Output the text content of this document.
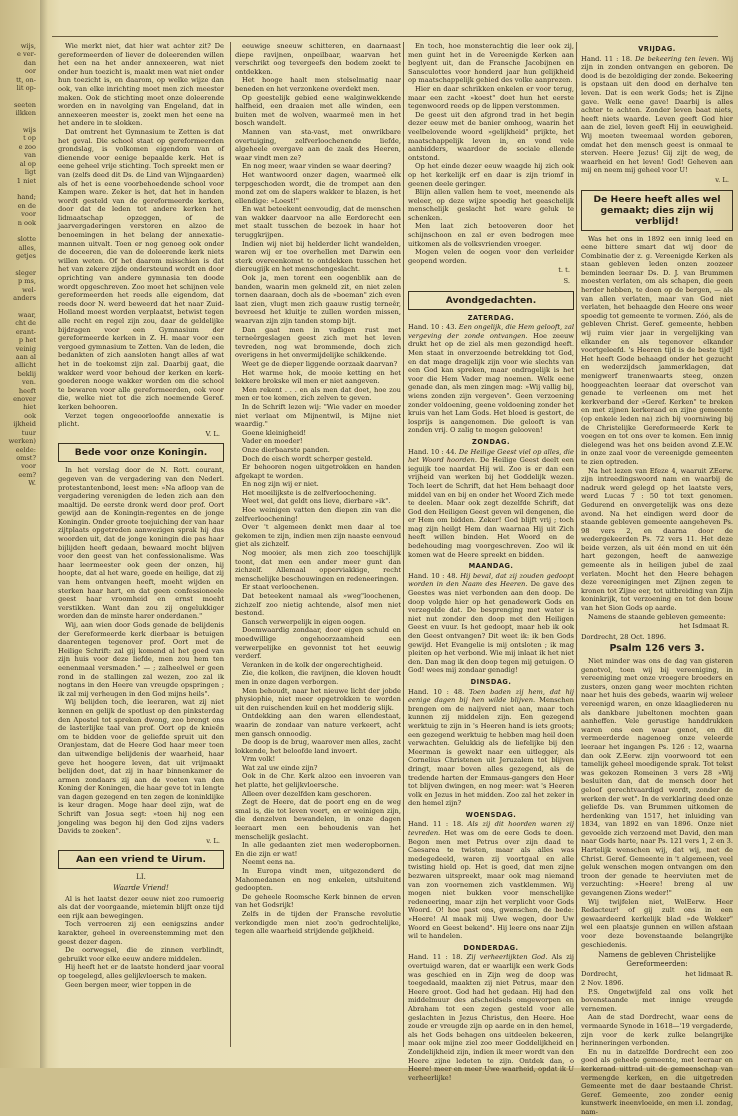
wijs,
e ver-
dan
oor
tt, on-
lit op-

seeten
ilkken

wijs
t op
e zoo
van
al op
ligt
1 niet

hand;
en de
voor
n ook

slotte
alles,
getjes

sleger
p ms,
wel-
anders

waar,
cht de
erant-
p het
veinig
aan al
allicht
beklij
ven.
heeft
enover
hiet
ook
ijkheid
tuur
werken)
eelde:
omst?
voor
eem?
W.

Wie merkt niet, dat hier wat achter zit? De gereformeerden of liever de doleerenden willen het een na het ander annexeeren, wat niet onder hun toezicht is, maakt men wat niet onder hun toezicht is, en daarom, op welke wijze dan ook, van elke inrichting moet men zich meester maken. Ook de stichting moet onze doleerende worden en in navolging van Engeland, dat in annexeeren meester is, zoekt men het eene na het andere in te slokken.

Dat omtrent het Gymnasium te Zetten is dat het geval. Die school staat op gereformeerden grondslag, is volkomen eigendom van of dienende voor eenige bepaalde kerk. Het is eene geheel vrije stichting. Toch spreekt men er van (zelfs deed dit Ds. de Lind van Wijngaarden) als of het is eene voorbehoedende school voor Kampen ware. Zeker is het, dat het in handen wordt gesteld van de gereformeerde kerken, door dat de leden tot andere kerken het lidmaatschap opzeggen, of de jaarvergaderingen verstoren en alzoo de benoemingen in het belang der annexatie-mannen uitvalt. Toen er nog genoeg ook onder de doceeren, die van de doleerende kerk niets willen weten. Of het daarom misschien is dat het van zekere zijde ondersteund wordt en door oprichting van andere gymnasia ten doode wordt opgeschreven. Zoo moet het schijnen vele gereformeerden het reeds alle eigendom, dat reeds door N. werd beweerd dat het naar Zuid-Holland moest worden verplaatst, betwist tegen alle recht en regel zijn zou, daar de geldelijke bijdragen voor een Gymnasium der gereformeerde kerken in Z. H. maar voor een vergoed gymnasium te Zetten. Van de leden, die bedankten of zich aansloten hangt alles af wat het in de toekomst zijn zal. Daarbij gaat, die wakker werd voor behoud der kerken en kerk-goederen nooge wakker worden om die school te bewaren voor alle gereformeerden, ook voor die, welke niet tot die zich noemende Geref. kerken behooren.

Verzet tegen ongeoorloofde annexatie is plicht.

V. L.
Bede voor onze Koningin.

In het verslag door de N. Rott. courant, gegeven van de vergadering van den Nederl. protestantenbond, leest men: »Na afloop van de vergadering verenigden de leden zich aan den maaltijd. De eerste dronk werd door prof. Oort gewijd aan de Koningin-regentes en de jonge Koningin. Onder groote toejuiching der van haar zijtplaats opgetreden aanwezigen sprak hij dus woorden uit, dat de jonge koningin die pas haar bijlijden heeft gedaan, bewaard mocht blijven voor den geest van het confessionalisme. Was haar leermeester ook geen der onzen, hij hoopte, dat al het ware, goede en heilige, dat zij van hem ontvangen heeft, moeht wijden en sterken haar hart, en dat geen confessioneele geest haar vroomheid en ernst moeht verstikken. Want dan zou zij ongelukkiger worden dan de minste harer onderdanen."

Wij, aan wien door Gods genade de belijdenis der Gereformeerde kerk dierbaar is betuigen daarentegen tegenover prof. Oort met de Heilige Schrift: zal gij komend al het goed van zijn huis voor deze liefde, men zou hem ten eenenmaal versmaden." — ; zalheelwel er geen rond in de stallingen zal wezen, zoo zal ik nogtans in den Heere van vreugde opspringen ; ik zal mij verheugen in den God mijns heils".

Wij belijden toch, die leeraren, wat zij niet kennen en gelijk de spotlust op den pinksterdag den Apostel tot spreken dwong, zoo brengt ons de lasterlijke taal van prof. Oort op de knieën om te bidden voor de geliefde spruit uit den Oranjestam, dat de Heere God haar meer toen dan uitwendige belijdenis der waarheid, haar geve het hoogere leven, dat uit vrijmaakt belijden doet, dat zij in haar binnenkamer de armen zondaars zij aan de voeten van den Koning der Koningen, die haar geve tot in lengte van dagen gezegend en ten zegen de koninklijke is keur dragen. Moge haar deel zijn, wat de Schrift van Josua segt: »toen hij nog een jongeling was begon hij den God zijns vaders Davids te zoeken".

v. L.
Aan een vriend te Uirum.
LI.
Waarde Vriend!

Al is het laatst dezer eeuw niet zoo rumoerig als dat der voorgaande, mietemin blijft onze tijd een rijk aan bewegingen.

Toch verroeren zij een eenigszins ander karakter, geheel in overeenstemming met den geest dezer dagen.

De oorwegsel, die de zinnen verblindt, gebruikt voor elke eeuw andere middelen.

Hij heeft het er de laatste honderd jaar vooral op toegelegd, alles gelijkvloersch te maken.

Geen bergen meer, wier toppen in de

eeuwige sneeuw schitteren, en daarnaast diepe ravijnen, onpeilbaar, waarvan het verschrikt oog tevergeefs den bodem zoekt te ontdekken.

Het hooge haalt men stelselmatig naar beneden en het verzonkene overdekt men.

Op geestelijk gebied eene walginwekkende halfheid, een draaien met alle winden, een buiten met de wolven, waarmeê men in het bosch wandelt.

Mannen van sta-vast, met onwrikbare overtuiging, zelfverloochenende liefde, algeheele overgave aan de zaak des Heeren, waar vindt men ze?

En nog meer, waar vinden se waar deering?

Het wantwoord onzer dagen, waarmeê elk terpgeschoden wordt, die de trompet aan den mond zet om de slapers wakker te blazen, is het ellendige: »Loest!"

En wat beteekent eenvoudig, dat de menschen van wakker daarvoor na alle Eerdorecht een met staalt tusschen de bezoek in haar hot teruggkrijpen.

Indien wij niet bij helderder licht wandelden, waren wij er toe overhellen met Darwin een sterk overeenkomst to ontdekken tusschen het diereugijk en het menschengeslacht.

Ook ja, men torent een oogenblik aan de banden, waarin men gekneld zit, en niet zelen tornen daaraan, doch als de »boeman" zich even laat zien, vlugt men zich gaauw rustig terneêr, bevreesd het kluitje te zullen worden missen, waarvan zijn zijn tanden stomp bijt.

Dan gaat men in vadigen rust met terneêrgeslagen geest zich met het leven tevreden, nog wat brommende, doch zich overigens in het onvermijdelijke schikkende.

Weet ge de dieper liggende oorzaak daarvan?

Het warme hok, de mooie ketting en het lekkere brokske wil men er niet aangeven.

Men rekent . . . en als men dat doet, hoe zou men er toe komen, zich zelven te geven.

In de Schrift lezen wij: "Wie vader en moeder niet verlaat om Mijnentwil, is Mijne niet waardig."

Goene kleinigheid!

Vader en moeder!

Onze dierbaarste panden.

Doch de eisch wordt scherper gesteld.

Er behooren nogen uitgetrokken en handen afgekapt te worden.

En nog zijn wij er niet.

Het moeilijkste is de zelfverloochening.

Weet wel, dat geldt ons lieve, dierbare »ik".

Hoe weinigen vatten den diepen zin van die zelfverloochening!

Over 't algemeen denkt men daar al toe gekomen te zijn, indien men zijn naaste eenvoud giet als zichzelf.

Nog mooier, als men zich zoo toeschijlijk toont, dat men een ander meer gunt dan zichzelf. Allemaal opperviakkige, recht menschelijke beschouwingen en redeneeringen.

Er staat verloochenen.

Dat beteekent namaal als »weg"loochenen, zichzelf zoo nietig achtende, alsof men niet bestond.

Gansch verwerpelijk in eigen oogen.

Doemwaardig zondaar, door eigen schuld en moedwillige ongehoorzaamheid een verwerpelijke en gevonnist tot het eeuwig verderf.

Veranken in de kolk der ongerechtigheid.

Zie, die kolken, die ravijnen, die kloven houdt men in onze dagen verborgen.

Men behoudt, naar het nieuwe licht der jobde physiophie, niet meer opgetrokken te worden uit den ruischenden kuil en het modderig slijk.

Ontdekking aan den waren ellendestaat, waarin de zondaar van nature verkeert, acht men gansch onnoodig.

De doop is de brug, waarover men alles, zacht lokkende, het beloofde land invoert.

Vrm volk!

Wat zal uw einde zijn?

Ook in de Chr. Kerk alzoo een invoeren van het platte, het gelijkvloersche.

Alleen over dezelfden kam geschoren.

Zegt de Heere, dat de poort eng en de weg smal is, die tot leven voert, en er weinigen zijn, die denzelven bewandelen, in onze dagen leeraart men een behoudenis van het menschelijk geslacht.

In alle gedaanten ziet men wederopbornen. En die zijn er wat!

Neemt eens na.

In Europa vindt men, uitgezonderd de Mahomedanen en nog enkelen, uitsluitend gedoopten.

De geheele Roomsche Kerk binnen de erven van het Godsrijk!

Zelfs in de tijden der Fransche revolutie verkondigde men niet zoo'n gedrochtelijke, tegen alle waarheid strijdende geljkheid.

En toch, hoe monsterachtig die leer ook zij, men guint het in de Vereenigde Kerken aan beglyent uit, dan de Fransche Jacobijnen en Sansculottes voor honderd jaar hun gelijkheid op maatschappelijk gebied des volke aanprezen.

Hier en daar schrikken enkelen er voor terug, maar een zacht »koest" doet hun het eerste tegenwoord reeds op de lippen verstommen.

De geest uit den afgrond trad in het begin dezer eeuw met de banier omhoog, waarin het veelbelovende woord »gelijkheid" prijkte, het maatschappelijk leven in, en vond vele aanbidders, waardoor de sociale ellende ontstond.

Op het einde dezer eeuw waagde hij zich ook op het kerkelijk erf en daar is zijn triomf in geenen deele geringer.

Blijn allen vallen hem te voet, meenende als weleer, op deze wijze spoedig het geaschelijk menschelijk geslacht het ware geluk te schenken.

Men laat zich betooveren door het schijnschoon en zal er even bedrogen mee uitkomen als de volksvrienden vroeger.

Mogen velen de oogen voor den verleider geopend worden.

t. t.
S.
Avondgedachten.
ZATERDAG.

Hand. 10 : 43. Een ongelijk, die Hem gelooft, zal vergeving der zonde ontvangen. Hoe zeeuw drukt het op de ziel als men gezondigd heeft. Men staat in onverzoende betrekking tot God, en dat mage dragelijk zijn voor wie slechts van een God kan spreken, maar ondragelijk is het voor die Hem Vader mag noemen. Welk eene genade dan, als men zingen mag: »Wij vallig bij, wiens zonden zijn vergeven". Geen verzoening zonder voldoening, geene voldoening zonder het kruis van het Lam Gods. Het bloed is gestort, de losprijs is aangenomen. Die gelooft is van zonden vrij. O zalig te mogen gelooven!

ZONDAG.

Hand. 10 : 44. De Heilige Geest viel op alles, die het Woord hoorden. De Heilige Geest deelt een ieguijk toe naardat Hij wil. Zoo is er dan een vrijheid van werken bij het Goddelijk wezen. Toch leert de Schrift, dat het Hem behaagt door middel van en bij en onder het Woord Zich mede te deelen. Maar ook zegt dezelfde Schrift, dat God den Heiligen Geest geven wil dengenen, die er Hem om bidden. Zeker! God blijft vrij ; toch mag zijn heilgt Hem dan waarnaa Hij uit Zich heeft willen binden. Het Woord en de bedehouding mag voorgeschreven. Zoo wil ik komen wat de Heere spreekt en bidden.

MAANDAG.

Hand. 10 : 48. Hij beval, dat zij zouden gedoopt worden in den Naam des Heeren. De gave des Geestes was niet verbonden aan den doop. De doop volgde hier op het genadewerk Gods en verzegelde dat. De besprenging met water is niet nut zonder den doop met den Heiligen Geest en vuur. Is het gedoopt, maar heb ik ook den Geest ontvangen? Dit weet ik: ik ben Gods gewijd. Het Evangelie is mij ontsloten ; ik mag pleiten op het verbond. Wie mij inlaat ik het niet den. Dan mag ik den doop tegen mij getuigen. O God! wees mij zondaar genadig!

DINSDAG.

Hand. 10 : 48. Toen baden zij hem, dat hij eenige dagen bij hen wilde blijven. Menschen brengen om de naijverd niet aan, maar toch kunnen zij middelen zijn. Een gezegend werktuig te zijn in 's Heeren hand is iets groots; een gezegend werktuig te hebben mag heil doen verwachten. Gelukkig als de liefelijke bij den Meerman is gewekt naar een uitlegger, als Cornelius Christenen uit Jeruzalem tot blijven dringt, maar boven alles gezegend, als de tredende harten der Emmaus-gangers den Heer tot blijven dwingen, en nog meer: wat 's Heeren volk en Jezus in het midden. Zoo zal het zeker in den hemel zijn?

WOENSDAG.

Hand. 11 : 18. Als zij dit hoorden waren zij tevreden. Het was om de eere Gods te doen. Begon men met Petrus over zijn daad te Caesarea te twisten, maar als alles was medegedeeld, waren zij voortgaal en alle twisting hield op. Het is goed, dat men zijne bezwaren uitspreekt, maar ook mag niemand van zon voornemen zich vastklemmen. Wij mogen niet bukken voor menschelijke redeneering, maar zijn het verplicht voor Gods Woord. O! hoe past ons, gwenschen, de bede: »Heere! Al maak mij Uwe wegen, door Uw Woord en Geest bekend". Hij leere ons naar Zijn wil te handelen.

DONDERDAG.

Hand. 11 : 18. Zij verheerlijkten God. Als zij overtuigd waren, dat er waarlijk een werk Gods was geschied en in Zijn weg de doop was toegedaald, maakten zij niet Petrus, maar den Heere groot. God had het gedaan. Hij had den middelmuur des afscheidsels omgeworpen en Abraham tot een zegen gesteld voor alle geslachten in Jezus Christus, den Heere. Hoe zoude er vreugde zijn op aarde en in den hemel, als het Gods behagen ons uitdeelen bekeeren, maar ook mijne ziel zoo meer Goddelijkheid en Zondelijkheid zijn, indien ik meer wordt van den Heere zijne ledeten te zijn. Ontdek dan, o Heere! meer en meer Uwe waarheid, opdat ik U verheerlijke!

VRIJDAG.

Hand. 11 : 18. De bekeering ten leven. Wij zijn in zonden ontvangen en geboren. De dood is de bezoldiging der zonde. Bekeering is opstaan uit den dood en derhalve ten leven. Dat is een werk Gods; het is Zijne gave. Welk eene gave! Daarbij is alles achter te achten. Zonder leven baat niets, heeft niets waarde. Leven geeft God hier aan de ziel, leven geeft Hij in eeuwigheid. Wij moeten tweemaal worden geboren, omdat het den mensch geest is onmaal te sterven. Heere Jezus! Gij zijt de weg, de waarheid en het leven! God! Geheven aan mij en neem mij geheel voor U!

v. L.
De Heere heeft alles wel gemaakt; dies zijn wij verblijd!

Was het ons in 1892 een innig leed en eene bittere smart dat wij door de Combinatie der z. g. Vereenigde Kerken als staan gebleven leden onzen zoozeer beminden leeraar Ds. D. J. van Brummen moesten verlaten, om als schapen, die geen herder hebben, te doen op de bergen, — als van allen verlaten, maar van God niet verlaten, het behaagde den Heere ons weer spoedig tot gemeente te vormen. Zóó, als de gebleven Christ. Geref. gemeente, hebben wij ruim vier jaar in vergelijking van elkander en als tegenover elkander voortgeleefd. 's Heeren tijd is de beste tijd! Het heeft Gode behaagd onder het gezucht en wederzijdsch jammerklagen, dat menigwerf tranenwaarts steeg, onzen hooggeachten leeraar dat overschot van genade te verleenen om met het kerkverband der »Geref. Kerken" te breken en met zijnen kerkeraad en zijne gemeente (op enkele leden na) zich bij voorniwing bij de Christelijke Gereformeerde Kerk te voegen en tot ons over te komen. Een innig dielegend was het ons beiden avond Z.E.W. in onze zaal voor de vereenigde gemeenten te zien optreden.

Na het lezen van Efeze 4, waaruit ZEerw. zijn intreedingswoord nam en waarbij de nadruk werd gelegd op het laatste vers, werd Lucas 7 : 50 tot text genomen. Gedurend en onvergetelijk was ons deze avond. Na het eindigen werd door de staande gebleven gemeente aangeheven Ps. 98 vers 2, en daarna door de wedergekeerden Ps. 72 vers 11. Het deze beide verzen, als uit één mond en uit één hart gezongen, heeft de aanwezige gemeente als in heiligen jubel de zaal verlaten. Mocht het den Heere behagen deze vereenigingen met Zijnen zegen te kronen tot Zijne eer, tot uitbreiding van Zijn koninkrijk, tot verzoening en tot den bouw van het Sion Gods op aarde.

Namens de staande gebleven gemeente:

het Isdmaat R.

Dordrecht, 28 Oct. 1896.

Psalm 126 vers 3.

Niet minder was ons de dag van gisteren genotvol, toen wij bij vereeniging, in vereeniging met onze vroegere broeders en zusters, onzen gang weer mochten richten naar het huis des gebeds, waarin wij weleer vereenigd waren, en onze klaagliederen nu als dankbare jubeltonen mochten gaan aanheffen. Vele gerustige handdrukken waren ons een waar genot, en dit vermeerderde nagenoeg onze veleerde leeraar het ingangen Ps. 126 : 12, waarna dan ook Z.Eerw. zijn voorwoord tot een tamelijk geheel moedigende sprak. Tot tekst was gekozen Romeinen 3 vers 28 »Wij besluiten dan, dat de mensch door het geloof gerechtvaardigd wordt, zonder de werken der wet". In de verklaring deed onze geliefde Ds. van Brummen uitkomen de herdenking van 1517, het inluiding van 1834, van 1892 en van 1896. Onze niet gevoelde zich verzoend met David, den man naar Gods harte, naar Ps. 121 vers 1, 2 en 3. Hartelijk wenschen wij, dat wij, met de Christ. Geref. Gemeente in 't algemeen, veel geluk wenschen mogen ontvangen om den troon der genade te heerviuten met de verzuchting: »Heere! breng al uw gevangenen Zions weder!"

Wij twijfelen niet, WelEerw. Heer Redacteur! of gij zult ons in een gewaardeerd kerkelijk blad »de Wekker" wel een plaatsje gunnen en willen afstaan voor deze bovenstaande belangrijke geschiedenis.

Namens de gebleven Christelijke Gereformeerden:
Dordrecht,	het lidmaat R.

2 Nov. 1896.

P.S. Ongetwijfeld zal ons volk het bovenstaande met innige vreugde vernemen.

Aan de stad Dordrecht, waar eens de vermaarde Synode in 1618—'19 vergaderde, zijn voor de kerk zulke belangrijke herinneringen verbonden.

En nu in datzelfde Dordrecht een zoo goed als geheele gemeente, met leeraar en kerkeraad uittrad uit de gemeenschap van vermengde kerken, en die uitgetreden Gemeente met de daar bestaande Christ. Geref. Gemeente, zoo zonder eenig kunstwerk ineenvloeide, en men i.l. zondag, nam-
